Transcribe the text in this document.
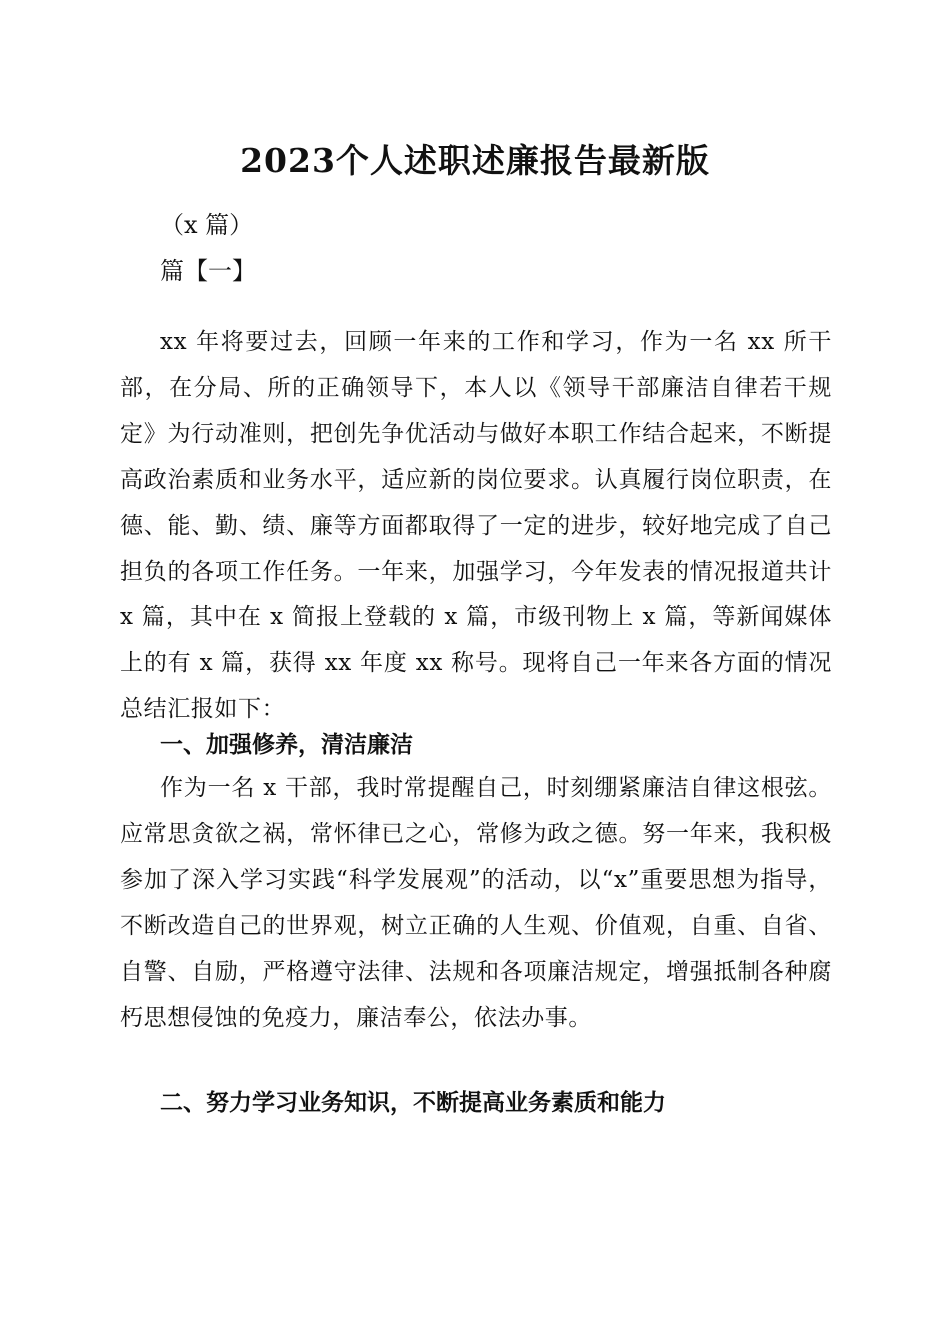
2023个人述职述廉报告最新版
（x 篇）
篇【一】

xx 年将要过去，回顾一年来的工作和学习，作为一名 xx 所干部，在分局、所的正确领导下，本人以《领导干部廉洁自律若干规定》为行动准则，把创先争优活动与做好本职工作结合起来，不断提高政治素质和业务水平，适应新的岗位要求。认真履行岗位职责，在德、能、勤、绩、廉等方面都取得了一定的进步，较好地完成了自己担负的各项工作任务。一年来，加强学习，今年发表的情况报道共计 x 篇，其中在 x 简报上登载的 x 篇，市级刊物上 x 篇，等新闻媒体上的有 x 篇，获得 xx 年度 xx 称号。现将自己一年来各方面的情况总结汇报如下：

一、加强修养，清洁廉洁

作为一名 x 干部，我时常提醒自己，时刻绷紧廉洁自律这根弦。应常思贪欲之祸，常怀律已之心，常修为政之德。努一年来，我积极参加了深入学习实践“科学发展观”的活动，以“x”重要思想为指导，不断改造自己的世界观，树立正确的人生观、价值观，自重、自省、自警、自励，严格遵守法律、法规和各项廉洁规定，增强抵制各种腐朽思想侵蚀的免疫力，廉洁奉公，依法办事。

二、努力学习业务知识，不断提高业务素质和能力
